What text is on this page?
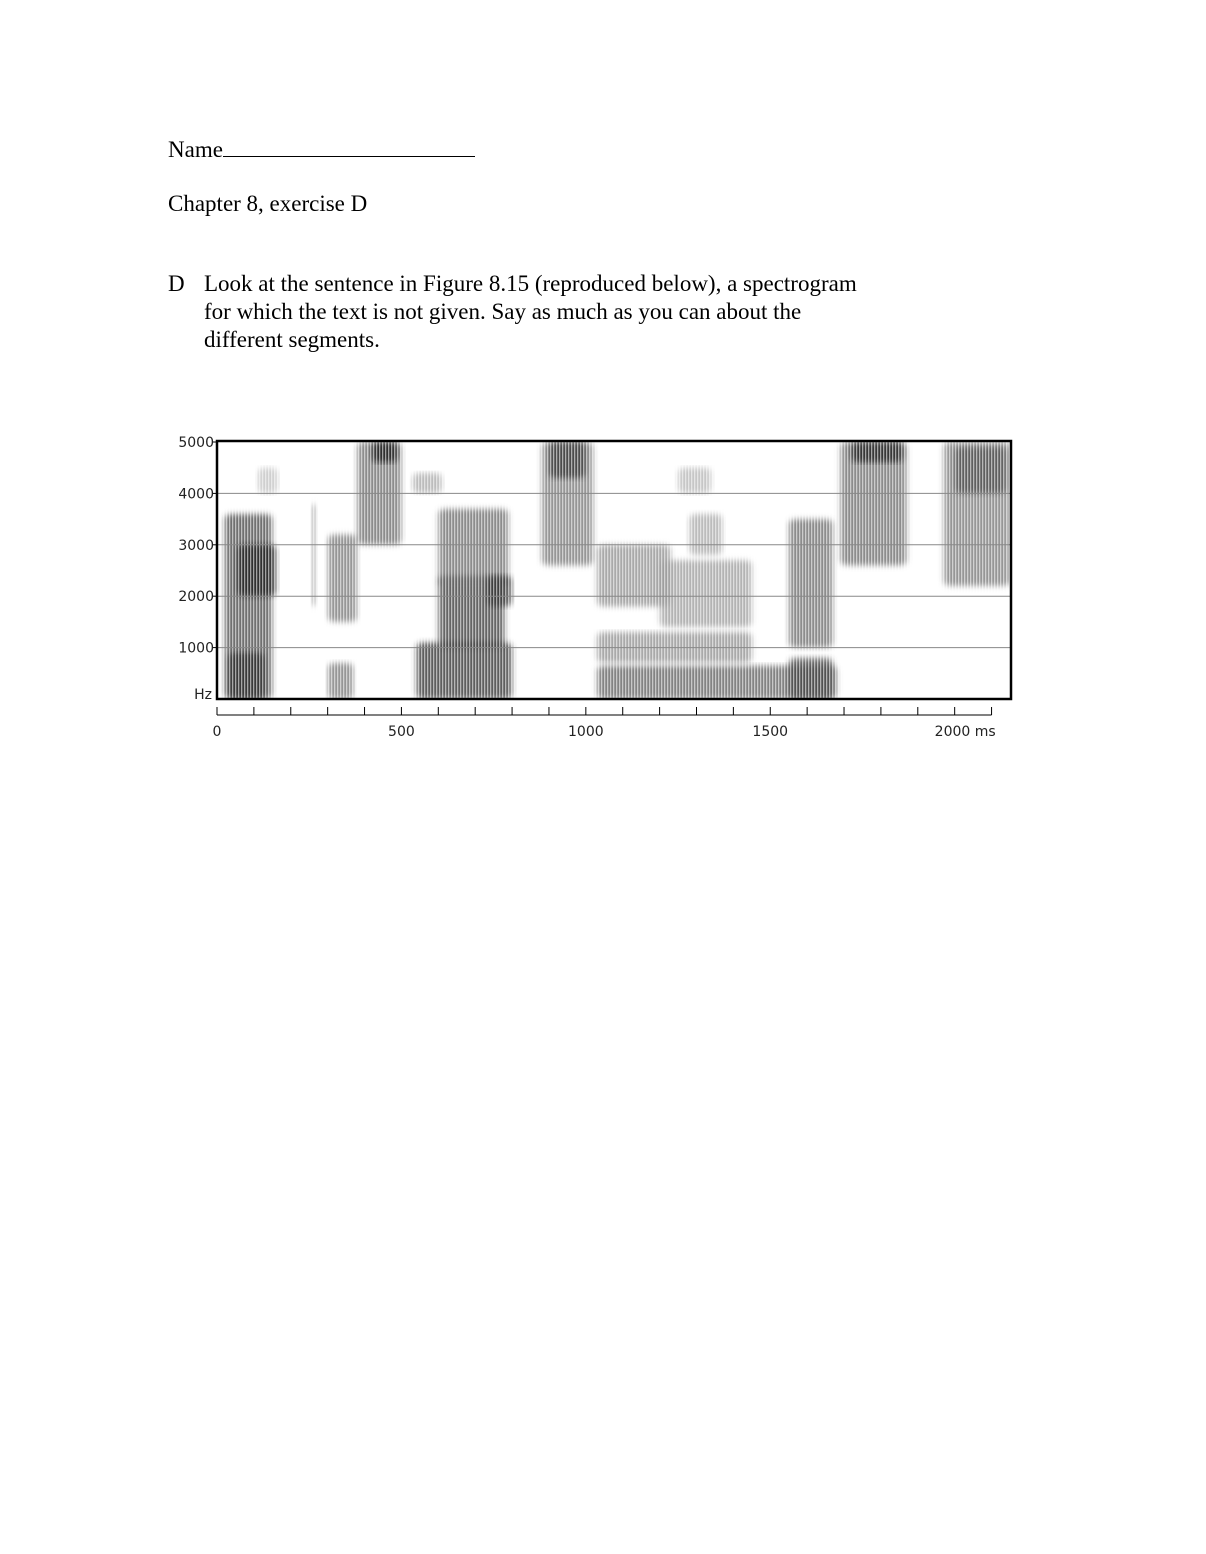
Name
Chapter 8, exercise D
D Look at the sentence in Figure 8.15 (reproduced below), a spectrogram for which the text is not given. Say as much as you can about the different segments.
5000
4000
3000
2000
1000
Hz
0	500	1000	1500	2000 ms
